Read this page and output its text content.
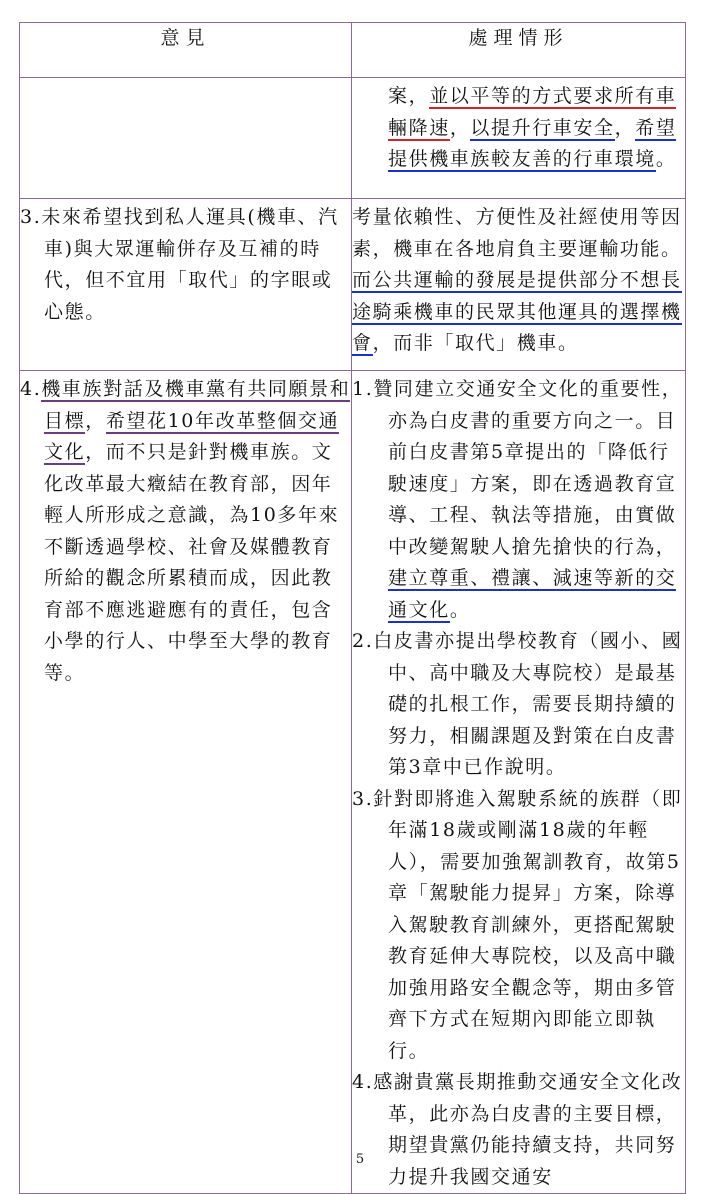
意見	處理情形

	案，並以平等的方式要求所有車輛降速，以提升行車安全，希望提供機車族較友善的行車環境。

3.未來希望找到私人運具(機車、汽車)與大眾運輸併存及互補的時代，但不宜用「取代」的字眼或心態。	考量依賴性、方便性及社經使用等因素，機車在各地肩負主要運輸功能。而公共運輸的發展是提供部分不想長途騎乘機車的民眾其他運具的選擇機會，而非「取代」機車。

4.機車族對話及機車黨有共同願景和目標，希望花10年改革整個交通文化，而不只是針對機車族。文化改革最大癥結在教育部，因年輕人所形成之意識，為10多年來不斷透過學校、社會及媒體教育所給的觀念所累積而成，因此教育部不應逃避應有的責任，包含小學的行人、中學至大學的教育等。	1.贊同建立交通安全文化的重要性，亦為白皮書的重要方向之一。目前白皮書第5章提出的「降低行駛速度」方案，即在透過教育宣導、工程、執法等措施，由實做中改變駕駛人搶先搶快的行為，建立尊重、禮讓、減速等新的交通文化。

2.白皮書亦提出學校教育（國小、國中、高中職及大專院校）是最基礎的扎根工作，需要長期持續的努力，相關課題及對策在白皮書第3章中已作說明。

3.針對即將進入駕駛系統的族群（即年滿18歲或剛滿18歲的年輕人），需要加強駕訓教育，故第5章「駕駛能力提昇」方案，除導入駕駛教育訓練外，更搭配駕駛教育延伸大專院校，以及高中職加強用路安全觀念等，期由多管齊下方式在短期內即能立即執行。

4.感謝貴黨長期推動交通安全文化改革，此亦為白皮書的主要目標，期望貴黨仍能持續支持，共同努力提升我國交通安

5
